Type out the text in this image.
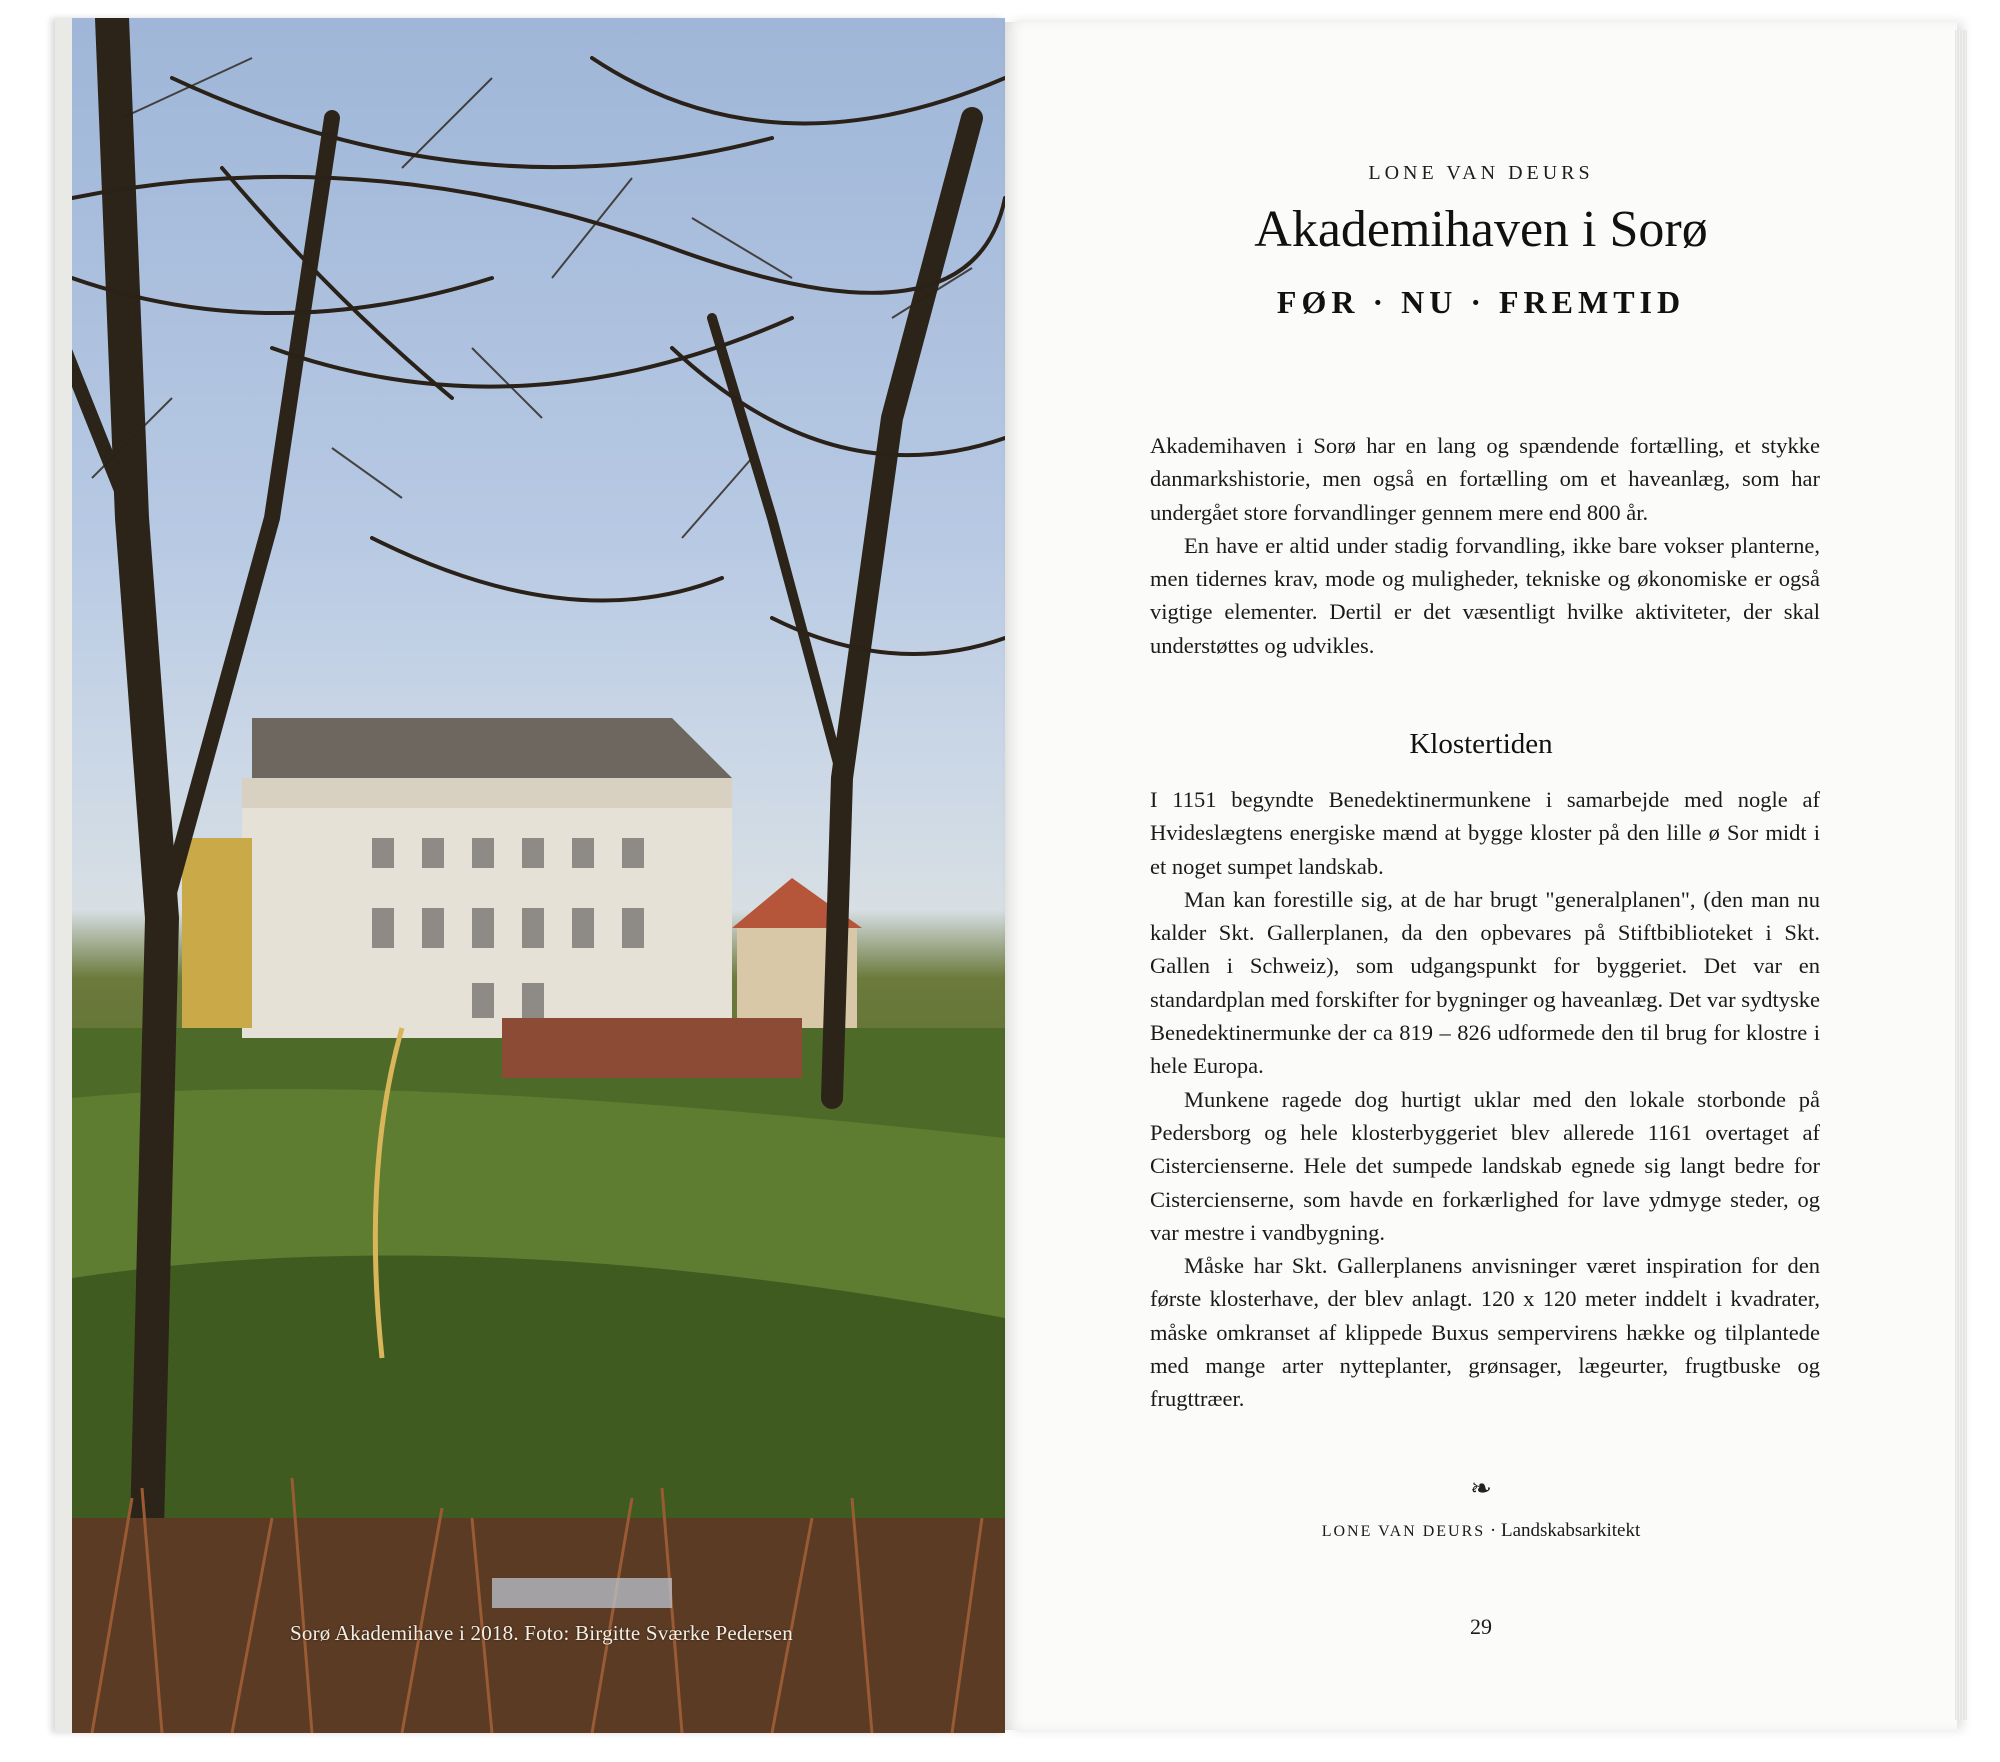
Sorø Akademihave i 2018. Foto: Birgitte Sværke Pedersen
LONE VAN DEURS
Akademihaven i Sorø
FØR · NU · FREMTID

Akademihaven i Sorø har en lang og spændende fortælling, et stykke danmarkshistorie, men også en fortælling om et haveanlæg, som har undergået store forvandlinger gennem mere end 800 år.

En have er altid under stadig forvandling, ikke bare vokser planterne, men tidernes krav, mode og muligheder, tekniske og økonomiske er også vigtige elementer. Dertil er det væsentligt hvilke aktiviteter, der skal understøttes og udvikles.

Klostertiden

I 1151 begyndte Benedektinermunkene i samarbejde med nogle af Hvideslægtens energiske mænd at bygge kloster på den lille ø Sor midt i et noget sumpet landskab.

Man kan forestille sig, at de har brugt "generalplanen", (den man nu kalder Skt. Gallerplanen, da den opbevares på Stiftbiblioteket i Skt. Gallen i Schweiz), som udgangspunkt for byggeriet. Det var en standardplan med forskifter for bygninger og haveanlæg. Det var sydtyske Benedektinermunke der ca 819 – 826 udformede den til brug for klostre i hele Europa.

Munkene ragede dog hurtigt uklar med den lokale storbonde på Pedersborg og hele klosterbyggeriet blev allerede 1161 overtaget af Cistercienserne. Hele det sumpede landskab egnede sig langt bedre for Cistercienserne, som havde en forkærlighed for lave ydmyge steder, og var mestre i vandbygning.

Måske har Skt. Gallerplanens anvisninger været inspiration for den første klosterhave, der blev anlagt. 120 x 120 meter inddelt i kvadrater, måske omkranset af klippede Buxus sempervirens hække og tilplantede med mange arter nytteplanter, grønsager, lægeurter, frugtbuske og frugttræer.

❧
LONE VAN DEURS · Landskabsarkitekt
29
